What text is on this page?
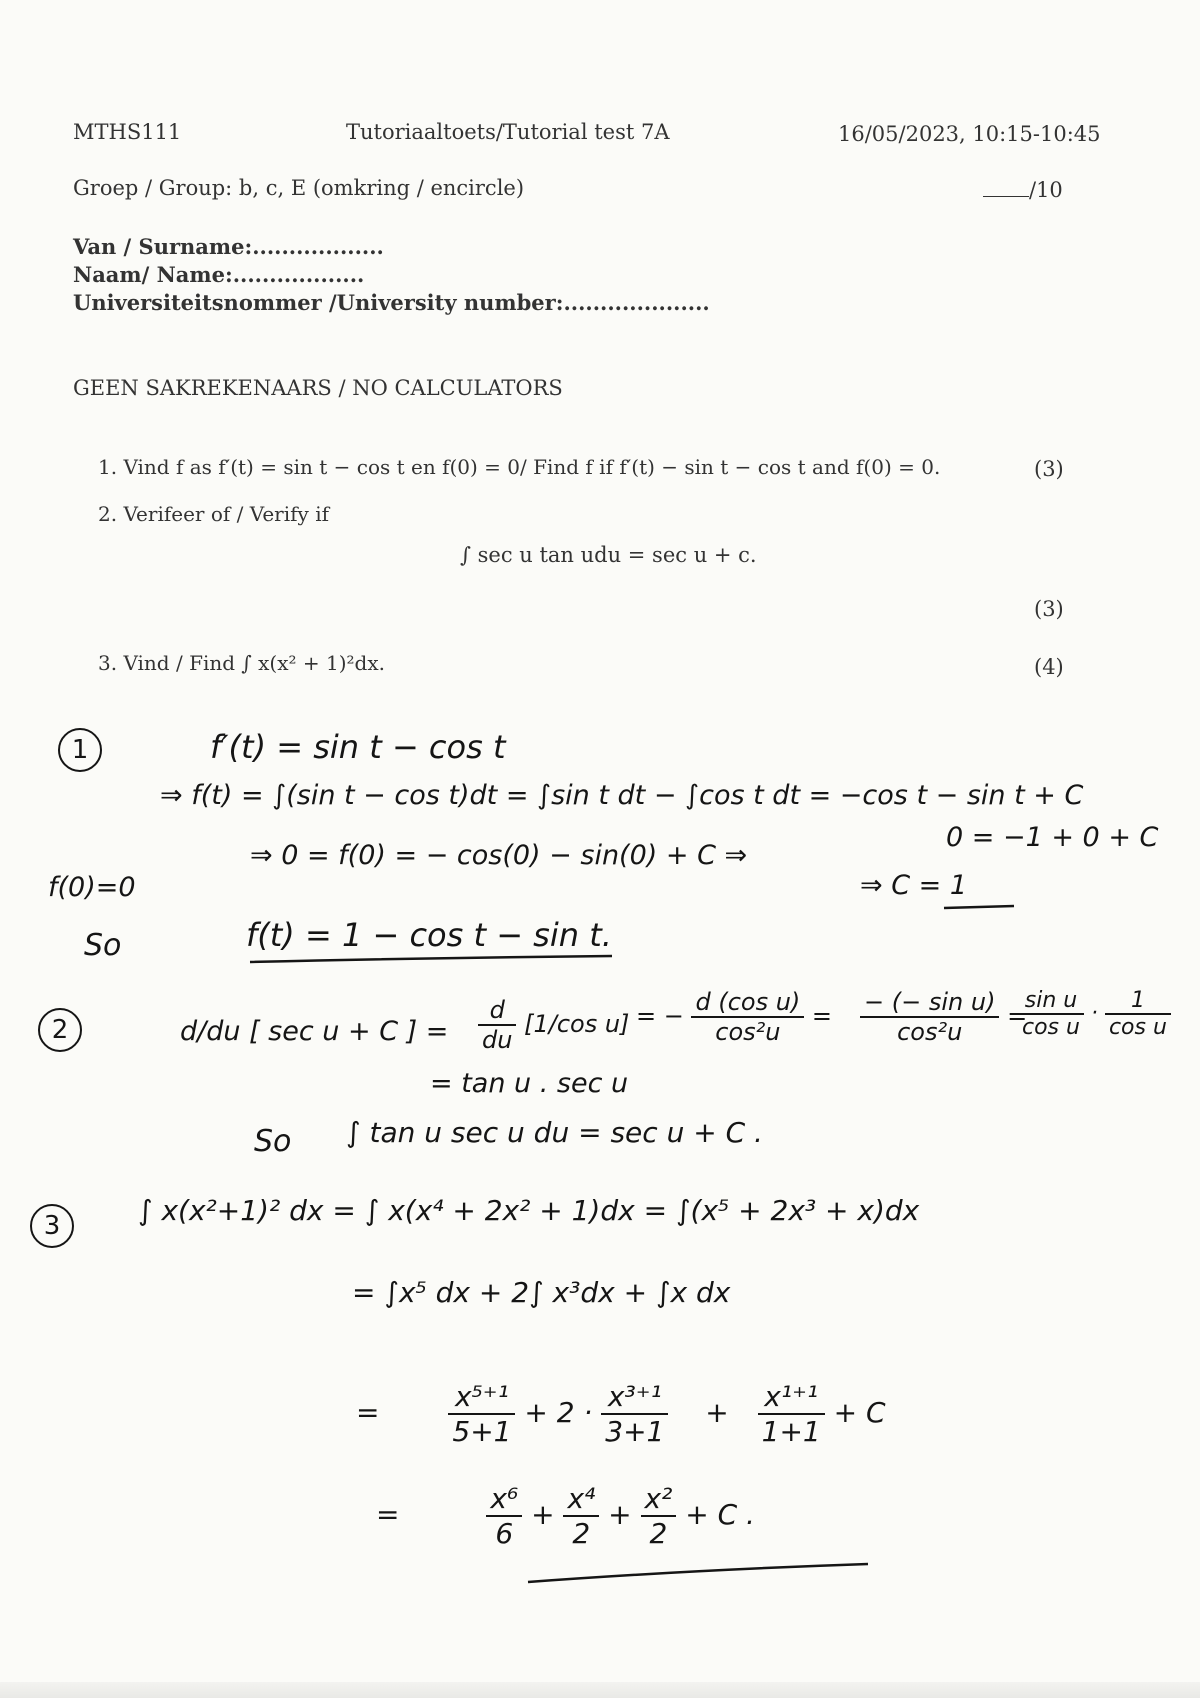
MTHS111	Tutoriaaltoets/Tutorial test 7A	16/05/2023, 10:15-10:45

Groep / Group: b, c, E (omkring / encircle)	/10

Van / Surname:..................

Naam/ Name:..................

Universiteitsnommer /University number:....................

GEEN SAKREKENAARS / NO CALCULATORS

1. Vind f as f′(t) = sin t − cos t en f(0) = 0/ Find f if f′(t) − sin t − cos t and f(0) = 0.	(3)

2. Verifeer of / Verify if

∫ sec u tan udu = sec u + c.

(3)

3. Vind / Find ∫ x(x² + 1)²dx.	(4)

1	f′(t) = sin t − cos t
⇒ f(t) = ∫(sin t − cos t)dt = ∫sin t dt − ∫cos t dt = −cos t − sin t + C
f(0)=0
⇒ 0 = f(0) = − cos(0) − sin(0) + C ⇒
0 = −1 + 0 + C
⇒ C = 1
So	f(t) = 1 − cos t − sin t.
2	d/du [ sec u + C ] = $\frac{d}{du} [1/\cos$ u] = − $\frac{\text{d (cos u)}}{\text{cos²u}} = \frac{\text{− (− sin u)}}{\text{cos²u}}$ =
$\frac{\text{sin u}}{\text{cos u}} \cdot \frac{1}{\text{cos u}}$
= tan u . sec u
So ∫ tan u sec u du = sec u + C .
3	∫ x(x²+1)² dx = ∫ x(x⁴ + 2x² + 1)dx = ∫(x⁵ + 2x³ + x)dx
= ∫x⁵ dx + 2∫ x³dx + ∫x dx
= $\frac{\text{x⁵⁺¹}}{5+1} + 2 \cdot \frac{\text{x³⁺¹}}{3+1} + \frac{\text{x¹⁺¹}}{1+1} + C$
=	$\frac{\text{x⁶}}{6} + \frac{\text{x⁴}}{2} + \frac{\text{x²}}{2} + C$ .
